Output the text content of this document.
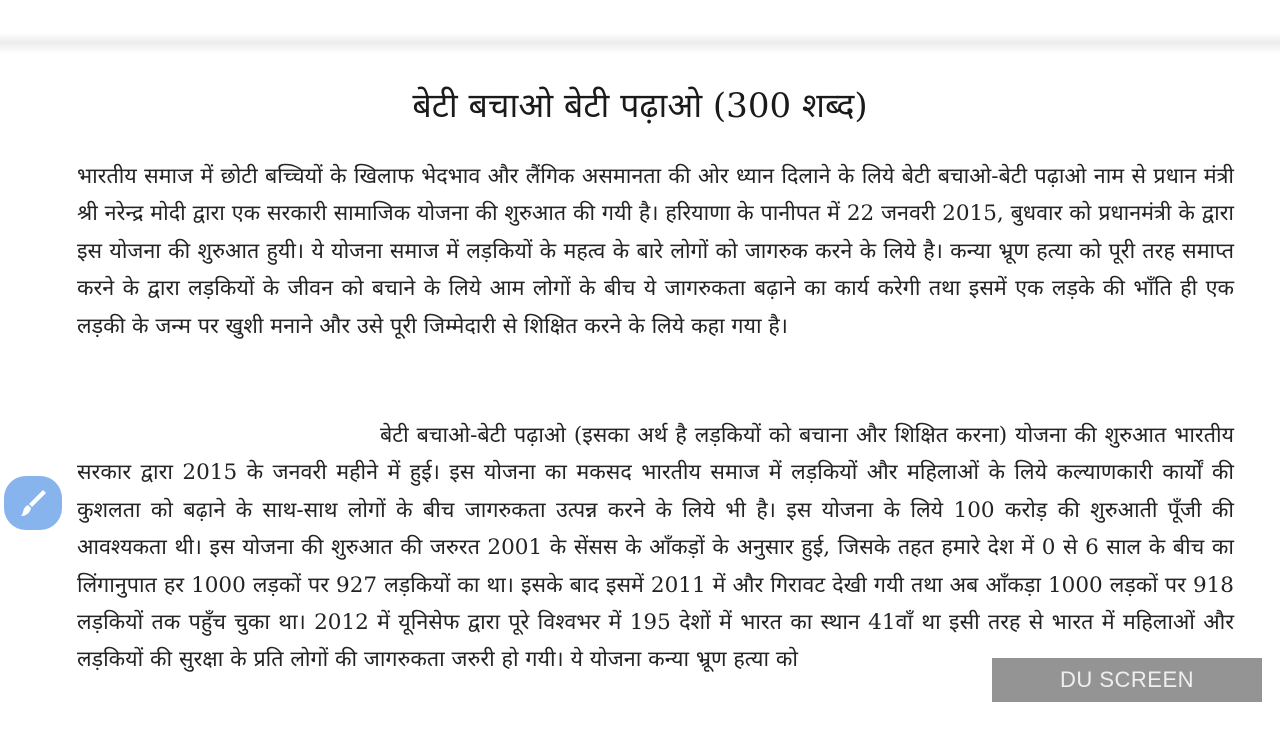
बेटी बचाओ बेटी पढ़ाओ (300 शब्द)

भारतीय समाज में छोटी बच्चियों के खिलाफ भेदभाव और लैंगिक असमानता की ओर ध्यान दिलाने के लिये बेटी बचाओ-बेटी पढ़ाओ नाम से प्रधान मंत्री श्री नरेन्द्र मोदी द्वारा एक सरकारी सामाजिक योजना की शुरुआत की गयी है। हरियाणा के पानीपत में 22 जनवरी 2015, बुधवार को प्रधानमंत्री के द्वारा इस योजना की शुरुआत हुयी। ये योजना समाज में लड़कियों के महत्व के बारे लोगों को जागरुक करने के लिये है। कन्या भ्रूण हत्या को पूरी तरह समाप्त करने के द्वारा लड़कियों के जीवन को बचाने के लिये आम लोगों के बीच ये जागरुकता बढ़ाने का कार्य करेगी तथा इसमें एक लड़के की भाँति ही एक लड़की के जन्म पर खुशी मनाने और उसे पूरी जिम्मेदारी से शिक्षित करने के लिये कहा गया है।

बेटी बचाओ-बेटी पढ़ाओ (इसका अर्थ है लड़कियों को बचाना और शिक्षित करना) योजना की शुरुआत भारतीय सरकार द्वारा 2015 के जनवरी महीने में हुई। इस योजना का मकसद भारतीय समाज में लड़कियों और महिलाओं के लिये कल्याणकारी कार्यों की कुशलता को बढ़ाने के साथ-साथ लोगों के बीच जागरुकता उत्पन्न करने के लिये भी है। इस योजना के लिये 100 करोड़ की शुरुआती पूँजी की आवश्यकता थी। इस योजना की शुरुआत की जरुरत 2001 के सेंसस के आँकड़ों के अनुसार हुई, जिसके तहत हमारे देश में 0 से 6 साल के बीच का लिंगानुपात हर 1000 लड़कों पर 927 लड़कियों का था। इसके बाद इसमें 2011 में और गिरावट देखी गयी तथा अब आँकड़ा 1000 लड़कों पर 918 लड़कियों तक पहुँच चुका था। 2012 में यूनिसेफ द्वारा पूरे विश्वभर में 195 देशों में भारत का स्थान 41वाँ था इसी तरह से भारत में महिलाओं और लड़कियों की सुरक्षा के प्रति लोगों की जागरुकता जरुरी हो गयी। ये योजना कन्या भ्रूण हत्या को

DU SCREEN RECORDER
